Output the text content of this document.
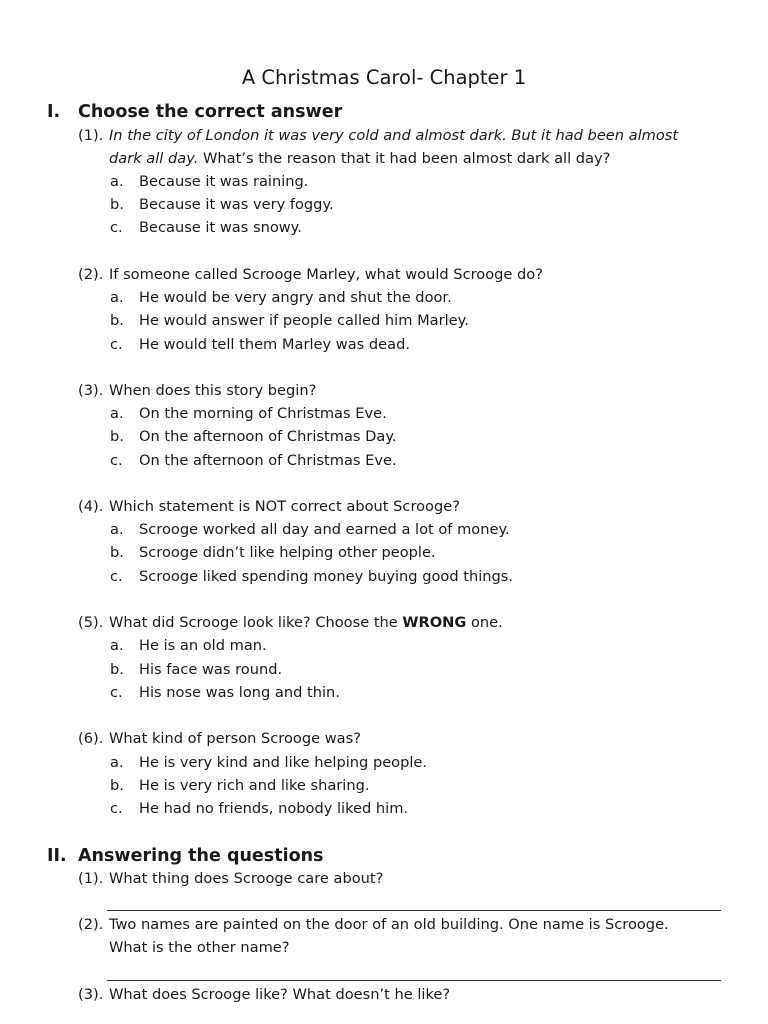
A Christmas Carol- Chapter 1
I. Choose the correct answer
(1). In the city of London it was very cold and almost dark. But it had been almost
dark all day. What’s the reason that it had been almost dark all day?
a. Because it was raining.
b. Because it was very foggy.
c. Because it was snowy.
(2). If someone called Scrooge Marley, what would Scrooge do?
a. He would be very angry and shut the door.
b. He would answer if people called him Marley.
c. He would tell them Marley was dead.
(3). When does this story begin?
a. On the morning of Christmas Eve.
b. On the afternoon of Christmas Day.
c. On the afternoon of Christmas Eve.
(4). Which statement is NOT correct about Scrooge?
a. Scrooge worked all day and earned a lot of money.
b. Scrooge didn’t like helping other people.
c. Scrooge liked spending money buying good things.
(5). What did Scrooge look like? Choose the WRONG one.
a. He is an old man.
b. His face was round.
c. His nose was long and thin.
(6). What kind of person Scrooge was?
a. He is very kind and like helping people.
b. He is very rich and like sharing.
c. He had no friends, nobody liked him.
II. Answering the questions
(1). What thing does Scrooge care about?
(2). Two names are painted on the door of an old building. One name is Scrooge.
What is the other name?
(3). What does Scrooge like? What doesn’t he like?
